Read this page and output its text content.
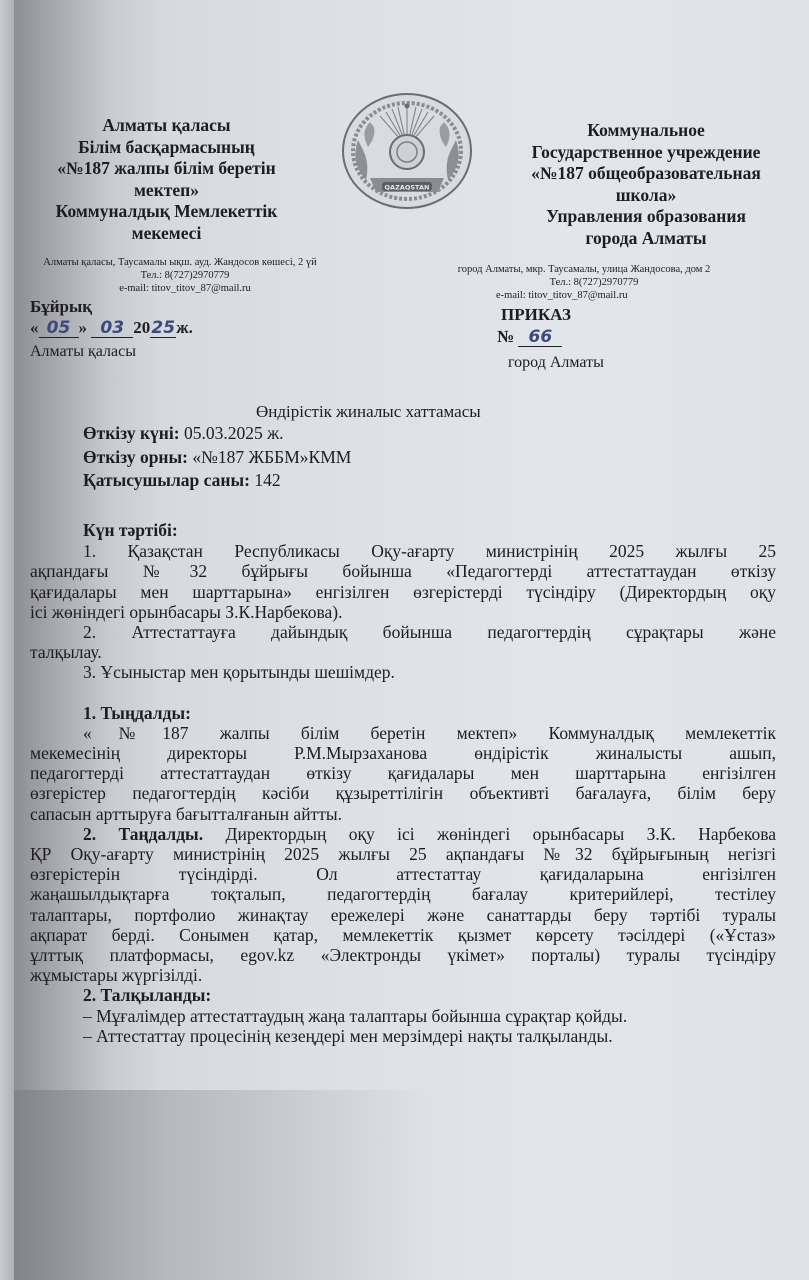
Алматы қаласы
Білім басқармасының
«№187 жалпы білім беретін
мектеп»
Коммуналдық Мемлекеттік
мекемесі
Алматы қаласы, Таусамалы ықш. ауд. Жандосов көшесі, 2 үй
Тел.: 8(727)2970779
e-mail: titov_titov_87@mail.ru
QAZAQSTAN
Коммунальное
Государственное учреждение
«№187 общеобразовательная
школа»
Управления образования
города Алматы
город Алматы, мкр. Таусамалы, улица Жандосова, дом 2
Тел.: 8(727)2970779
e-mail: titov_titov_87@mail.ru
Бұйрық
« 05 » 03 2025ж.
Алматы қаласы
ПРИКАЗ
№ 66
город Алматы
Өндірістік жиналыс хаттамасы
Өткізу күні: 05.03.2025 ж.
Өткізу орны: «№187 ЖББМ»КММ
Қатысушылар саны: 142
Күн тәртібі:
1. Қазақстан Республикасы Оқу-ағарту министрінің 2025 жылғы 25
ақпандағы №32 бұйрығы бойынша «Педагогтерді аттестаттаудан өткізу
қағидалары мен шарттарына» енгізілген өзгерістерді түсіндіру (Директордың оқу
ісі жөніндегі орынбасары З.К.Нарбекова).
2. Аттестаттауға дайындық бойынша педагогтердің сұрақтары және
талқылау.
3. Ұсыныстар мен қорытынды шешімдер.
1. Тыңдалды:
«№187 жалпы білім беретін мектеп» Коммуналдық мемлекеттік
мекемесінің директоры Р.М.Мырзаханова өндірістік жиналысты ашып,
педагогтерді аттестаттаудан өткізу қағидалары мен шарттарына енгізілген
өзгерістер педагогтердің кәсіби құзыреттілігін объективті бағалауға, білім беру
сапасын арттыруға бағытталғанын айтты.
2. Таңдалды. Директордың оқу ісі жөніндегі орынбасары З.К. Нарбекова
ҚР Оқу-ағарту министрінің 2025 жылғы 25 ақпандағы №32 бұйрығының негізгі
өзгерістерін түсіндірді. Ол аттестаттау қағидаларына енгізілген
жаңашылдықтарға тоқталып, педагогтердің бағалау критерийлері, тестілеу
талаптары, портфолио жинақтау ережелері және санаттарды беру тәртібі туралы
ақпарат берді. Сонымен қатар, мемлекеттік қызмет көрсету тәсілдері («Ұстаз»
ұлттық платформасы, egov.kz «Электронды үкімет» порталы) туралы түсіндіру
жұмыстары жүргізілді.
2. Талқыланды:
– Мұғалімдер аттестаттаудың жаңа талаптары бойынша сұрақтар қойды.
– Аттестаттау процесінің кезеңдері мен мерзімдері нақты талқыланды.
